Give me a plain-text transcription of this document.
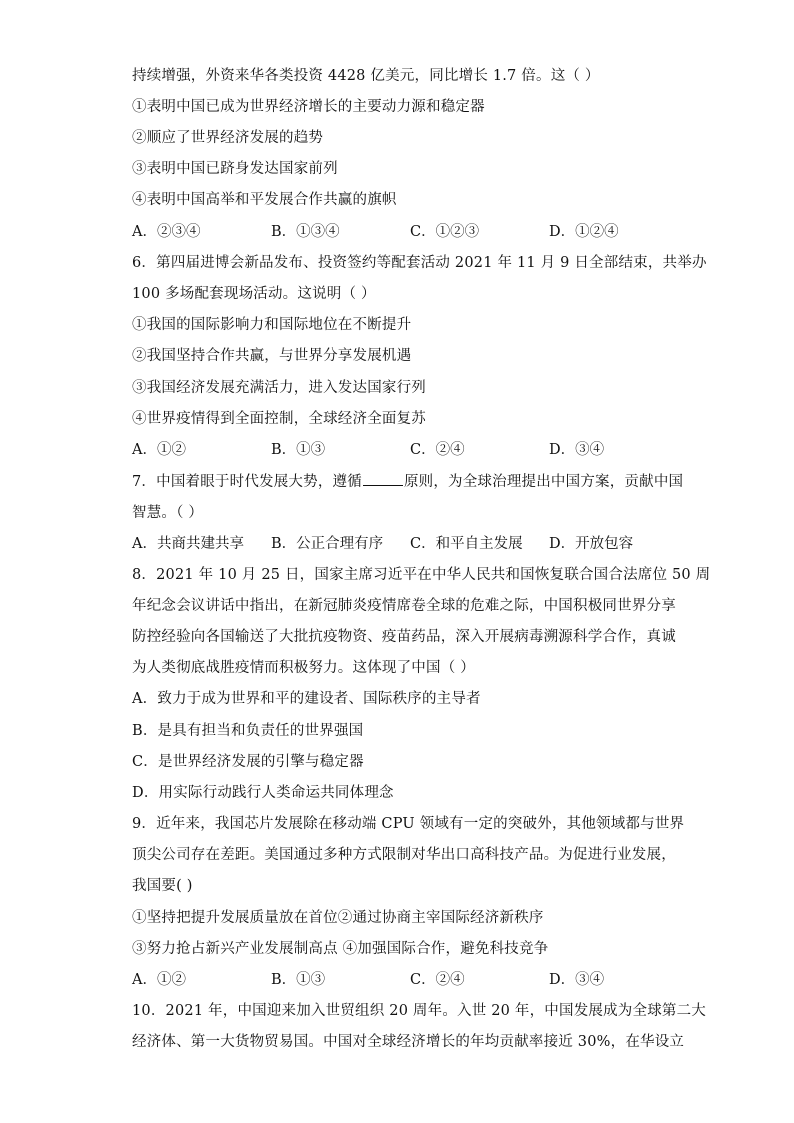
持续增强，外资来华各类投资 4428 亿美元，同比增长 1.7 倍。这（ ）
①表明中国已成为世界经济增长的主要动力源和稳定器
②顺应了世界经济发展的趋势
③表明中国已跻身发达国家前列
④表明中国高举和平发展合作共赢的旗帜
A．②③④	B．①③④	C．①②③	D．①②④
6．第四届进博会新品发布、投资签约等配套活动 2021 年 11 月 9 日全部结束，共举办
100 多场配套现场活动。这说明（ ）
①我国的国际影响力和国际地位在不断提升
②我国坚持合作共赢，与世界分享发展机遇
③我国经济发展充满活力，进入发达国家行列
④世界疫情得到全面控制，全球经济全面复苏
A．①②	B．①③	C．②④	D．③④
7．中国着眼于时代发展大势，遵循	原则，为全球治理提出中国方案，贡献中国
智慧。（ ）
A．共商共建共享	B．公正合理有序	C．和平自主发展	D．开放包容
8．2021 年 10 月 25 日，国家主席习近平在中华人民共和国恢复联合国合法席位 50 周
年纪念会议讲话中指出，在新冠肺炎疫情席卷全球的危难之际，中国积极同世界分享
防控经验向各国输送了大批抗疫物资、疫苗药品，深入开展病毒溯源科学合作，真诚
为人类彻底战胜疫情而积极努力。这体现了中国（ ）
A．致力于成为世界和平的建设者、国际秩序的主导者
B．是具有担当和负责任的世界强国
C．是世界经济发展的引擎与稳定器
D．用实际行动践行人类命运共同体理念
9．近年来，我国芯片发展除在移动端 CPU 领域有一定的突破外，其他领域都与世界
顶尖公司存在差距。美国通过多种方式限制对华出口高科技产品。为促进行业发展，
我国要( )
①坚持把提升发展质量放在首位②通过协商主宰国际经济新秩序
③努力抢占新兴产业发展制高点 ④加强国际合作，避免科技竞争
A．①②	B．①③	C．②④	D．③④
10．2021 年，中国迎来加入世贸组织 20 周年。入世 20 年，中国发展成为全球第二大
经济体、第一大货物贸易国。中国对全球经济增长的年均贡献率接近 30%，在华设立
